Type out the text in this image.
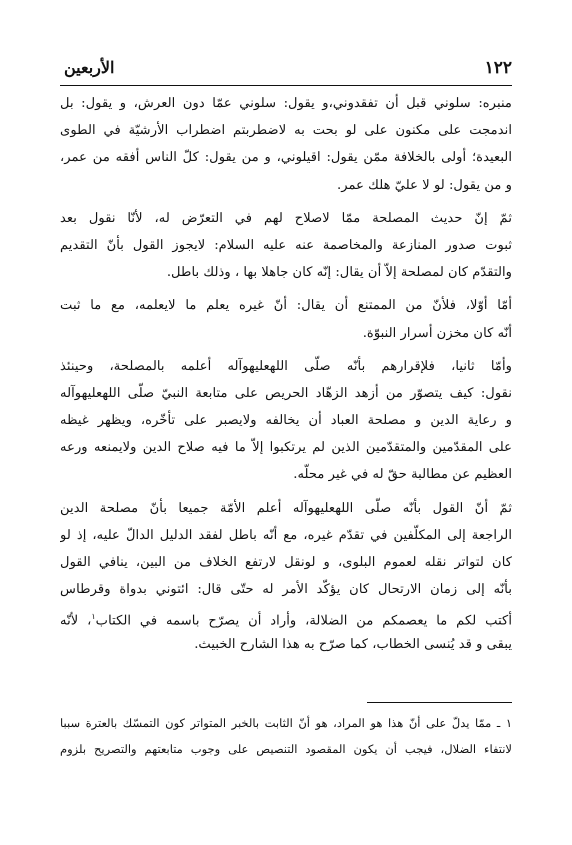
١٢٢
الأربعين
منبره: سلوني قبل أن تفقدوني،و يقول: سلوني عمّا دون العرش، و يقول: بل
اندمجت على مكنون على لو بحت به لاضطربتم اضطراب الأرشيّة في الطوى
البعيدة؛ أولى بالخلافة ممّن يقول: اقيلوني، و من يقول: كلّ الناس أفقه من عمر،
و من يقول: لو لا عليّ هلك عمر.
ثمّ إنّ حديث المصلحة ممّا لاصلاح لهم في التعرّض له، لأنّا نقول بعد
ثبوت صدور المنازعة والمخاصمة عنه عليه السلام: لايجوز القول بأنّ التقديم
والتقدّم كان لمصلحة إلاّ أن يقال: إنّه كان جاهلا بها ، وذلك باطل.
أمّا أوّلا، فلأنّ من الممتنع أن يقال: أنّ غيره يعلم ما لايعلمه، مع ما ثبت
أنّه كان مخزن أسرار النبوّة.
وأمّا ثانيا، فلإقرارهم بأنّه صلّى اللهعليهوآله أعلمه بالمصلحة، وحينئذ
نقول: كيف يتصوّر من أزهد الزهّاد الحريص على متابعة النبيّ صلّى اللهعليهوآله
و رعاية الدين و مصلحة العباد أن يخالفه ولايصبر على تأخّره، ويظهر غيظه
على المقدّمين والمتقدّمين الذين لم يرتكبوا إلاّ ما فيه صلاح الدين ولايمنعه ورعه
العظيم عن مطالبة حقّ له في غير محلّه.
ثمّ أنّ القول بأنّه صلّى اللهعليهوآله أعلم الأمّة جميعا بأنّ مصلحة الدين
الراجعة إلى المكلّفين في تقدّم غيره، مع أنّه باطل لفقد الدليل الدالّ عليه، إذ لو
كان لتواتر نقله لعموم البلوى، و لونقل لارتفع الخلاف من البين، ينافي القول
بأنّه إلى زمان الارتحال كان يؤكّد الأمر له حتّى قال: ائتوني بدواة وقرطاس
أكتب لكم ما يعصمكم من الضلالة، وأراد أن يصرّح باسمه في الكتاب$^١$، لأنّه
يبقى و قد يُنسى الخطاب، كما صرّح به هذا الشارح الخبيث.
١ ـ ممّا يدلّ على أنّ هذا هو المراد، هو أنّ الثابت بالخبر المتواتر كون التمسّك بالعترة سببا
لانتفاء الضلال، فيجب أن يكون المقصود التنصيص على وجوب متابعتهم والتصريح بلزوم
